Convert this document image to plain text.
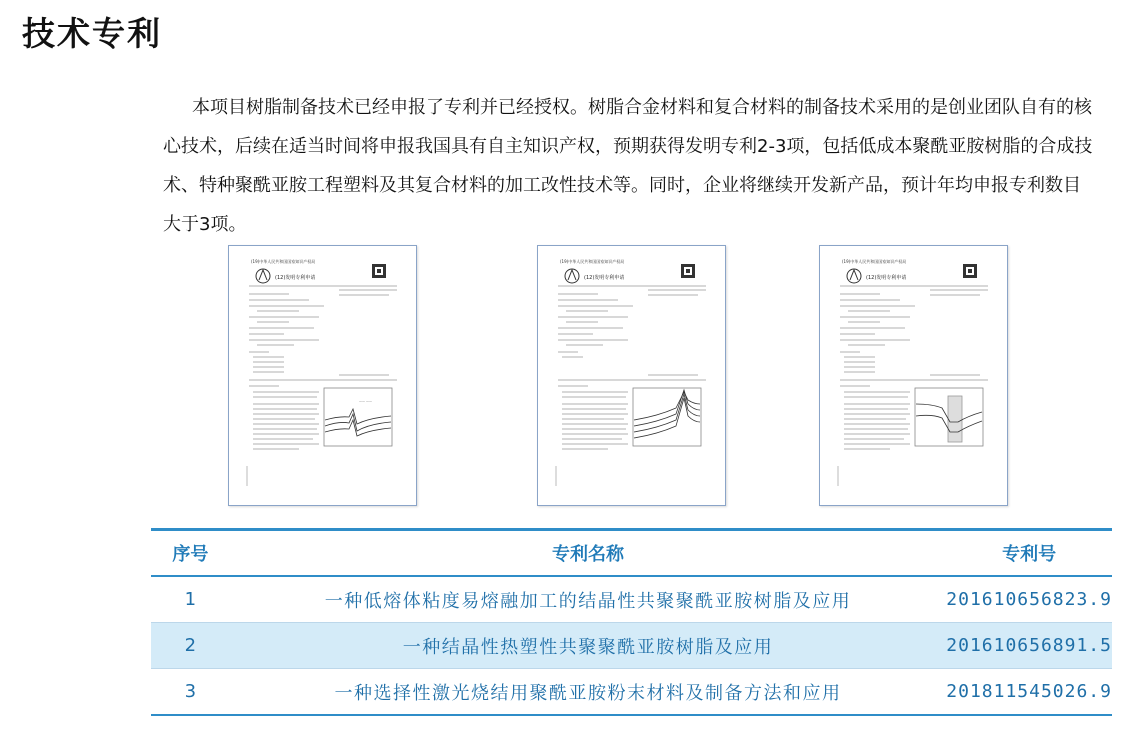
技术专利

本项目树脂制备技术已经申报了专利并已经授权。树脂合金材料和复合材料的制备技术采用的是创业团队自有的核心技术，后续在适当时间将申报我国具有自主知识产权，预期获得发明专利2-3项，包括低成本聚酰亚胺树脂的合成技术、特种聚酰亚胺工程塑料及其复合材料的加工改性技术等。同时，企业将继续开发新产品，预计年均申报专利数目大于3项。

(19)中华人民共和国国家知识产权局
(12)发明专利申请
—— ——
(19)中华人民共和国国家知识产权局
(12)发明专利申请
(19)中华人民共和国国家知识产权局
(12)发明专利申请
序号	专利名称	专利号
1	一种低熔体粘度易熔融加工的结晶性共聚聚酰亚胺树脂及应用	201610656823.9
2	一种结晶性热塑性共聚聚酰亚胺树脂及应用	201610656891.5
3	一种选择性激光烧结用聚酰亚胺粉末材料及制备方法和应用	201811545026.9
